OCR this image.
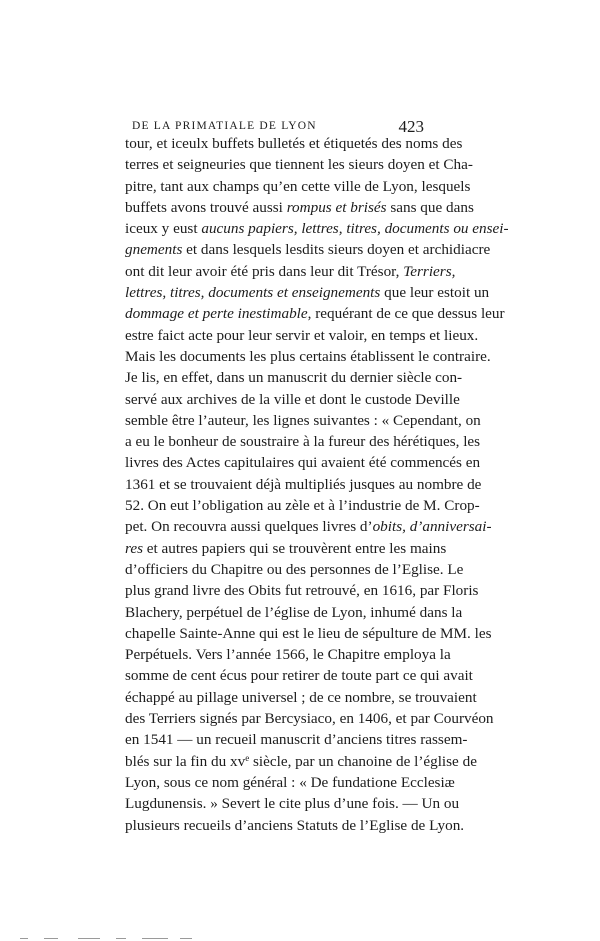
DE LA PRIMATIALE DE LYON	423
tour, et iceulx buffets bulletés et étiquetés des noms des
terres et seigneuries que tiennent les sieurs doyen et Cha-
pitre, tant aux champs qu’en cette ville de Lyon, lesquels
buffets avons trouvé aussi rompus et brisés sans que dans
iceux y eust aucuns papiers, lettres, titres, documents ou ensei-
gnements et dans lesquels lesdits sieurs doyen et archidiacre
ont dit leur avoir été pris dans leur dit Trésor, Terriers,
lettres, titres, documents et enseignements que leur estoit un
dommage et perte inestimable, requérant de ce que dessus leur
estre faict acte pour leur servir et valoir, en temps et lieux.
Mais les documents les plus certains établissent le contraire.
Je lis, en effet, dans un manuscrit du dernier siècle con-
servé aux archives de la ville et dont le custode Deville
semble être l’auteur, les lignes suivantes : « Cependant, on
a eu le bonheur de soustraire à la fureur des hérétiques, les
livres des Actes capitulaires qui avaient été commencés en
1361 et se trouvaient déjà multipliés jusques au nombre de
52. On eut l’obligation au zèle et à l’industrie de M. Crop-
pet. On recouvra aussi quelques livres d’obits, d’anniversai-
res et autres papiers qui se trouvèrent entre les mains
d’officiers du Chapitre ou des personnes de l’Eglise. Le
plus grand livre des Obits fut retrouvé, en 1616, par Floris
Blachery, perpétuel de l’église de Lyon, inhumé dans la
chapelle Sainte-Anne qui est le lieu de sépulture de MM. les
Perpétuels. Vers l’année 1566, le Chapitre employa la
somme de cent écus pour retirer de toute part ce qui avait
échappé au pillage universel ; de ce nombre, se trouvaient
des Terriers signés par Bercysiaco, en 1406, et par Courvéon
en 1541 — un recueil manuscrit d’anciens titres rassem-
blés sur la fin du $xv^e$ siècle, par un chanoine de l’église de
Lyon, sous ce nom général : « De fundatione Ecclesiæ
Lugdunensis. » Severt le cite plus d’une fois. — Un ou
plusieurs recueils d’anciens Statuts de l’Eglise de Lyon.
